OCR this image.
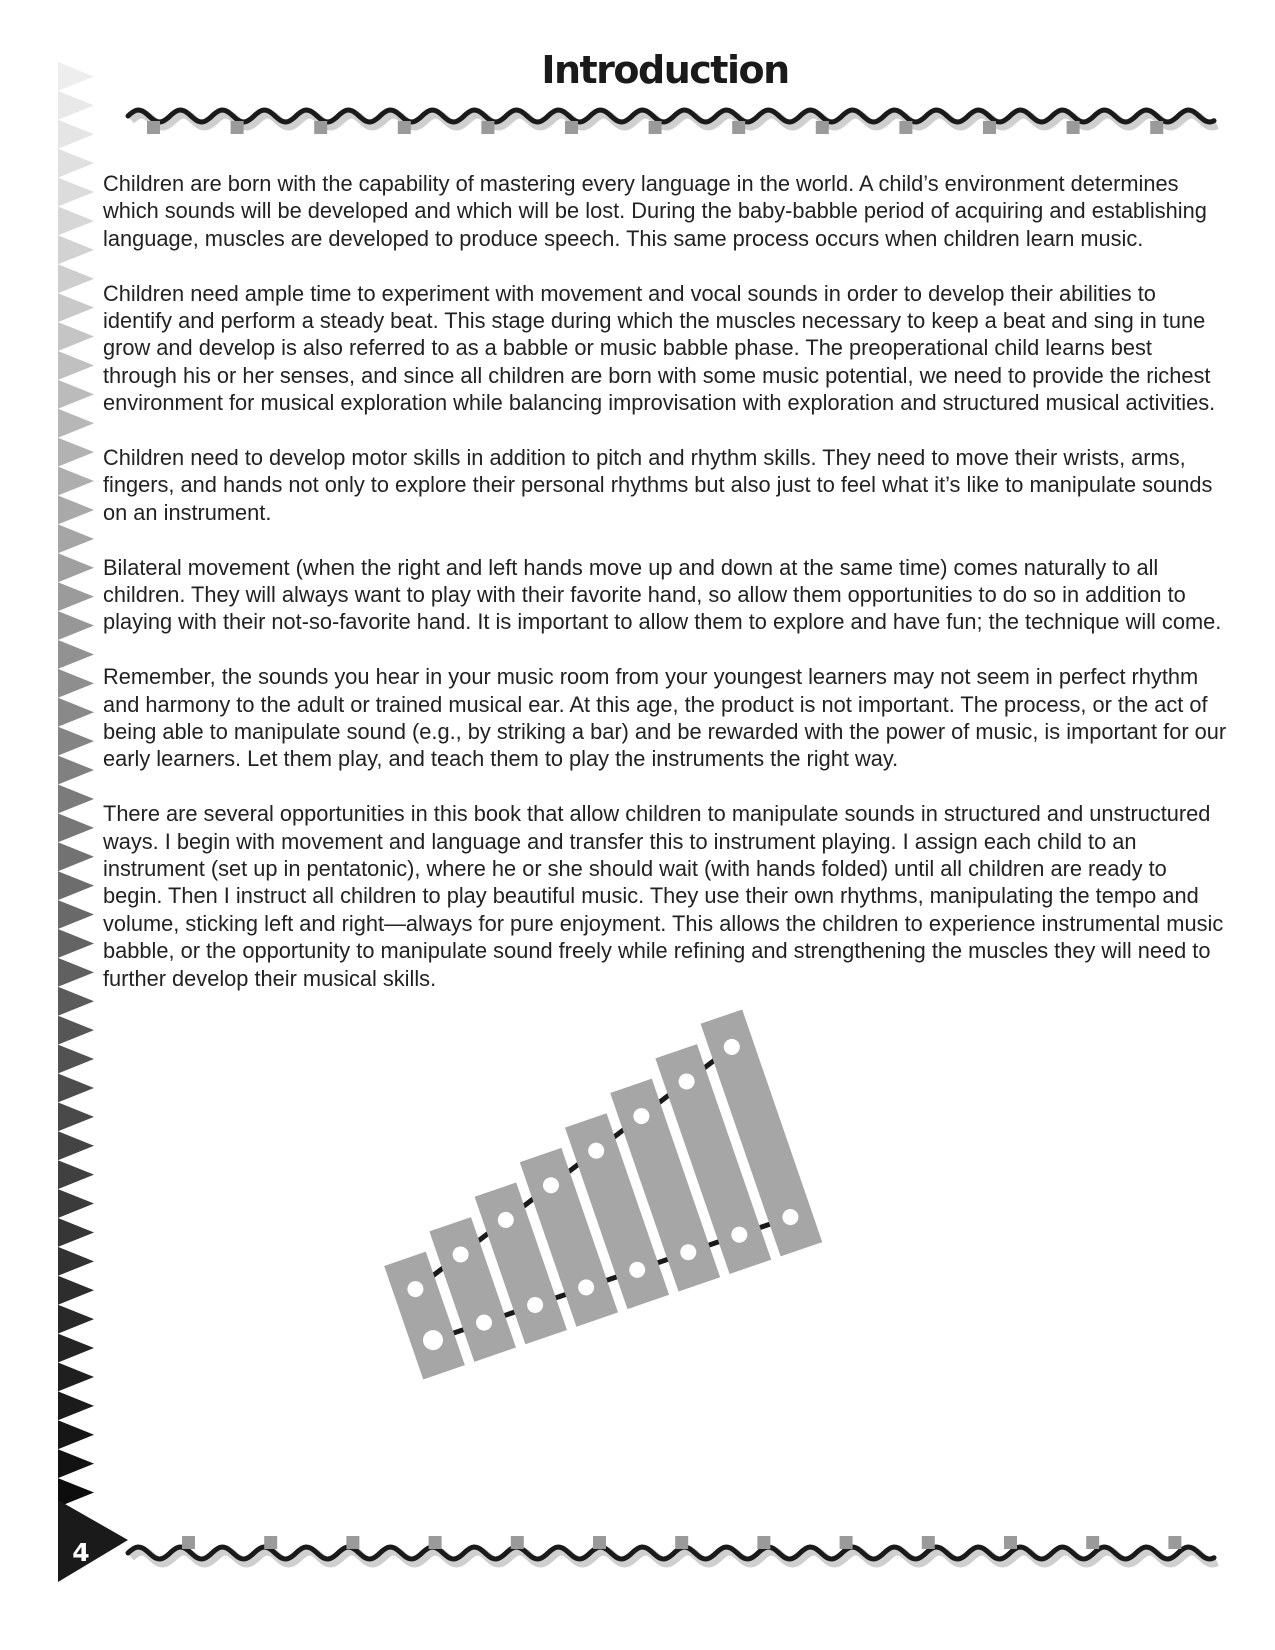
Introduction

Children are born with the capability of mastering every language in the world. A child’s environment determines which sounds will be developed and which will be lost. During the baby-babble period of acquiring and establishing language, muscles are developed to produce speech. This same process occurs when children learn music.

Children need ample time to experiment with movement and vocal sounds in order to develop their abilities to identify and perform a steady beat. This stage during which the muscles necessary to keep a beat and sing in tune grow and develop is also referred to as a babble or music babble phase. The preoperational child learns best through his or her senses, and since all children are born with some music potential, we need to provide the richest environment for musical exploration while balancing improvisation with exploration and structured musical activities.

Children need to develop motor skills in addition to pitch and rhythm skills. They need to move their wrists, arms, fingers, and hands not only to explore their personal rhythms but also just to feel what it’s like to manipulate sounds on an instrument.

Bilateral movement (when the right and left hands move up and down at the same time) comes naturally to all children. They will always want to play with their favorite hand, so allow them opportunities to do so in addition to playing with their not-so-favorite hand. It is important to allow them to explore and have fun; the technique will come.

Remember, the sounds you hear in your music room from your youngest learners may not seem in perfect rhythm and harmony to the adult or trained musical ear. At this age, the product is not important. The process, or the act of being able to manipulate sound (e.g., by striking a bar) and be rewarded with the power of music, is important for our early learners. Let them play, and teach them to play the instruments the right way.

There are several opportunities in this book that allow children to manipulate sounds in structured and unstructured ways. I begin with movement and language and transfer this to instrument playing. I assign each child to an instrument (set up in pentatonic), where he or she should wait (with hands folded) until all children are ready to begin. Then I instruct all children to play beautiful music. They use their own rhythms, manipulating the tempo and volume, sticking left and right—always for pure enjoyment. This allows the children to experience instrumental music babble, or the opportunity to manipulate sound freely while refining and strengthening the muscles they will need to further develop their musical skills.

4
